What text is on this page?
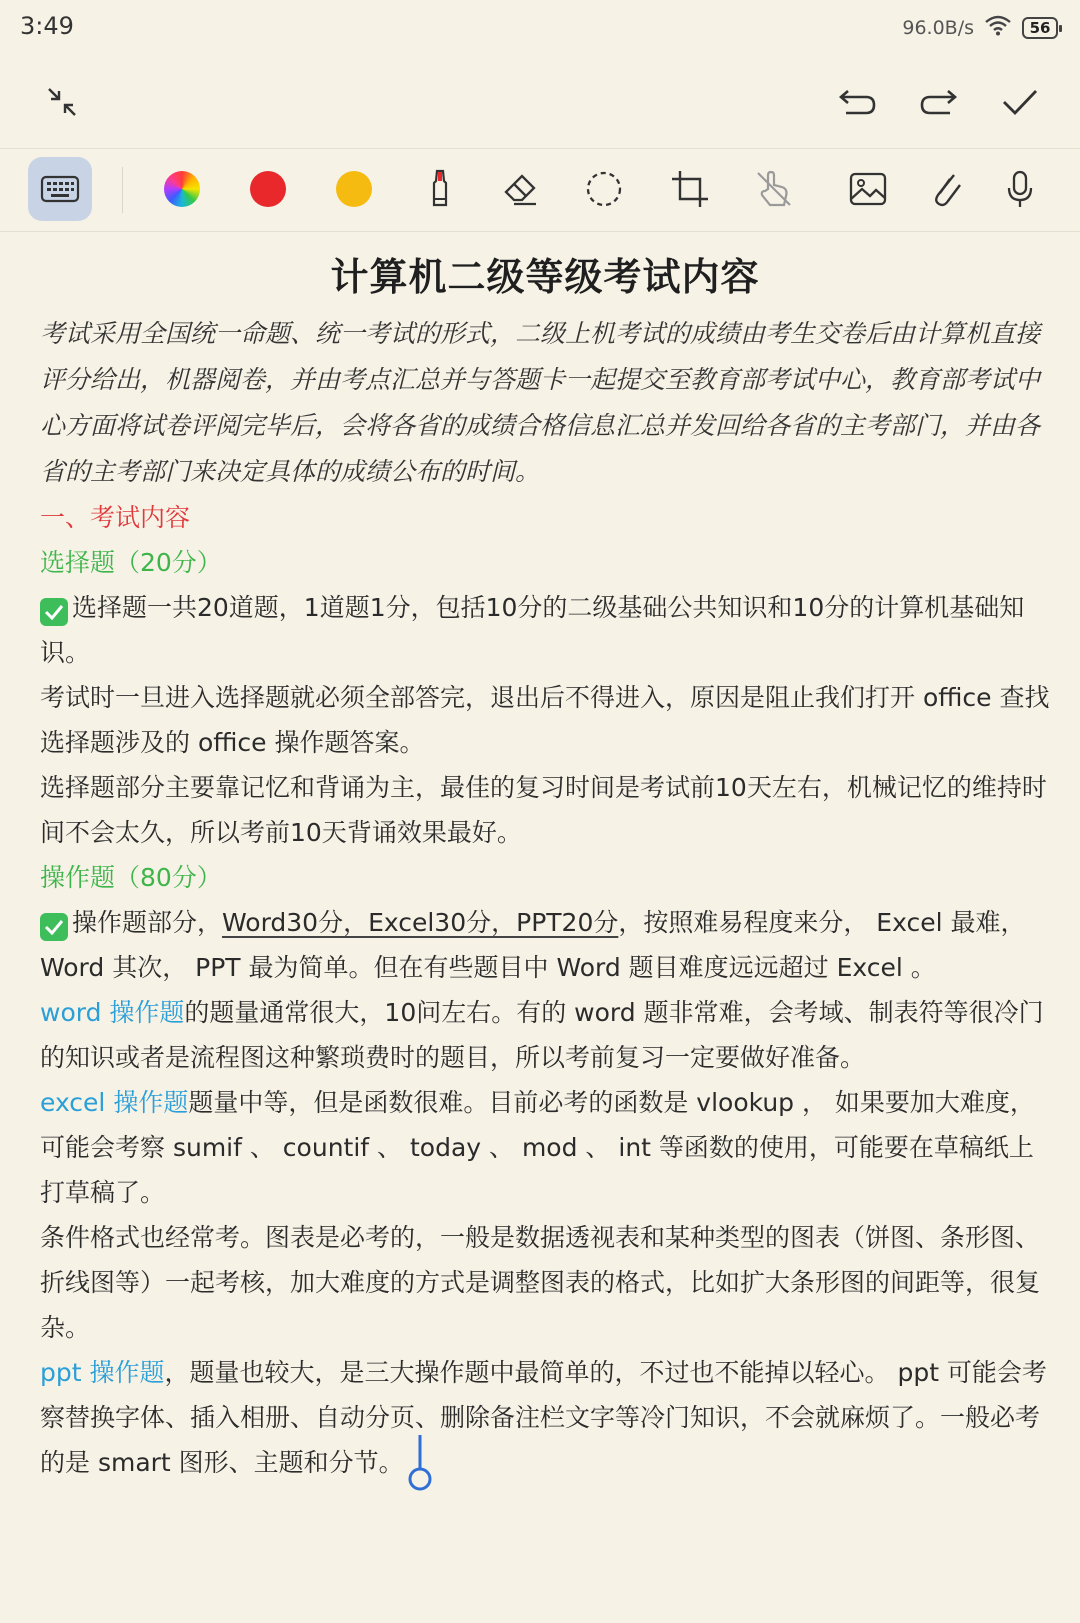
3:49	96.0B/s	56
计算机二级等级考试内容
考试采用全国统一命题、统一考试的形式，二级上机考试的成绩由考生交卷后由计算机直接评分给出，机器阅卷，并由考点汇总并与答题卡一起提交至教育部考试中心，教育部考试中心方面将试卷评阅完毕后，会将各省的成绩合格信息汇总并发回给各省的主考部门，并由各省的主考部门来决定具体的成绩公布的时间。
一、考试内容
选择题（20分）
选择题一共20道题，1道题1分，包括10分的二级基础公共知识和10分的计算机基础知识。
考试时一旦进入选择题就必须全部答完，退出后不得进入，原因是阻止我们打开 office 查找选择题涉及的 office 操作题答案。
选择题部分主要靠记忆和背诵为主，最佳的复习时间是考试前10天左右，机械记忆的维持时间不会太久，所以考前10天背诵效果最好。
操作题（80分）
操作题部分，Word30分，Excel30分，PPT20分，按照难易程度来分， Excel 最难， Word 其次， PPT 最为简单。但在有些题目中 Word 题目难度远远超过 Excel 。
word 操作题的题量通常很大，10问左右。有的 word 题非常难，会考域、制表符等很冷门的知识或者是流程图这种繁琐费时的题目，所以考前复习一定要做好准备。
excel 操作题题量中等，但是函数很难。目前必考的函数是 vlookup ， 如果要加大难度，可能会考察 sumif 、 countif 、 today 、 mod 、 int 等函数的使用，可能要在草稿纸上打草稿了。
条件格式也经常考。图表是必考的，一般是数据透视表和某种类型的图表（饼图、条形图、折线图等）一起考核，加大难度的方式是调整图表的格式，比如扩大条形图的间距等，很复杂。
ppt 操作题，题量也较大，是三大操作题中最简单的，不过也不能掉以轻心。 ppt 可能会考察替换字体、插入相册、自动分页、删除备注栏文字等冷门知识，不会就麻烦了。一般必考的是 smart 图形、主题和分节。
